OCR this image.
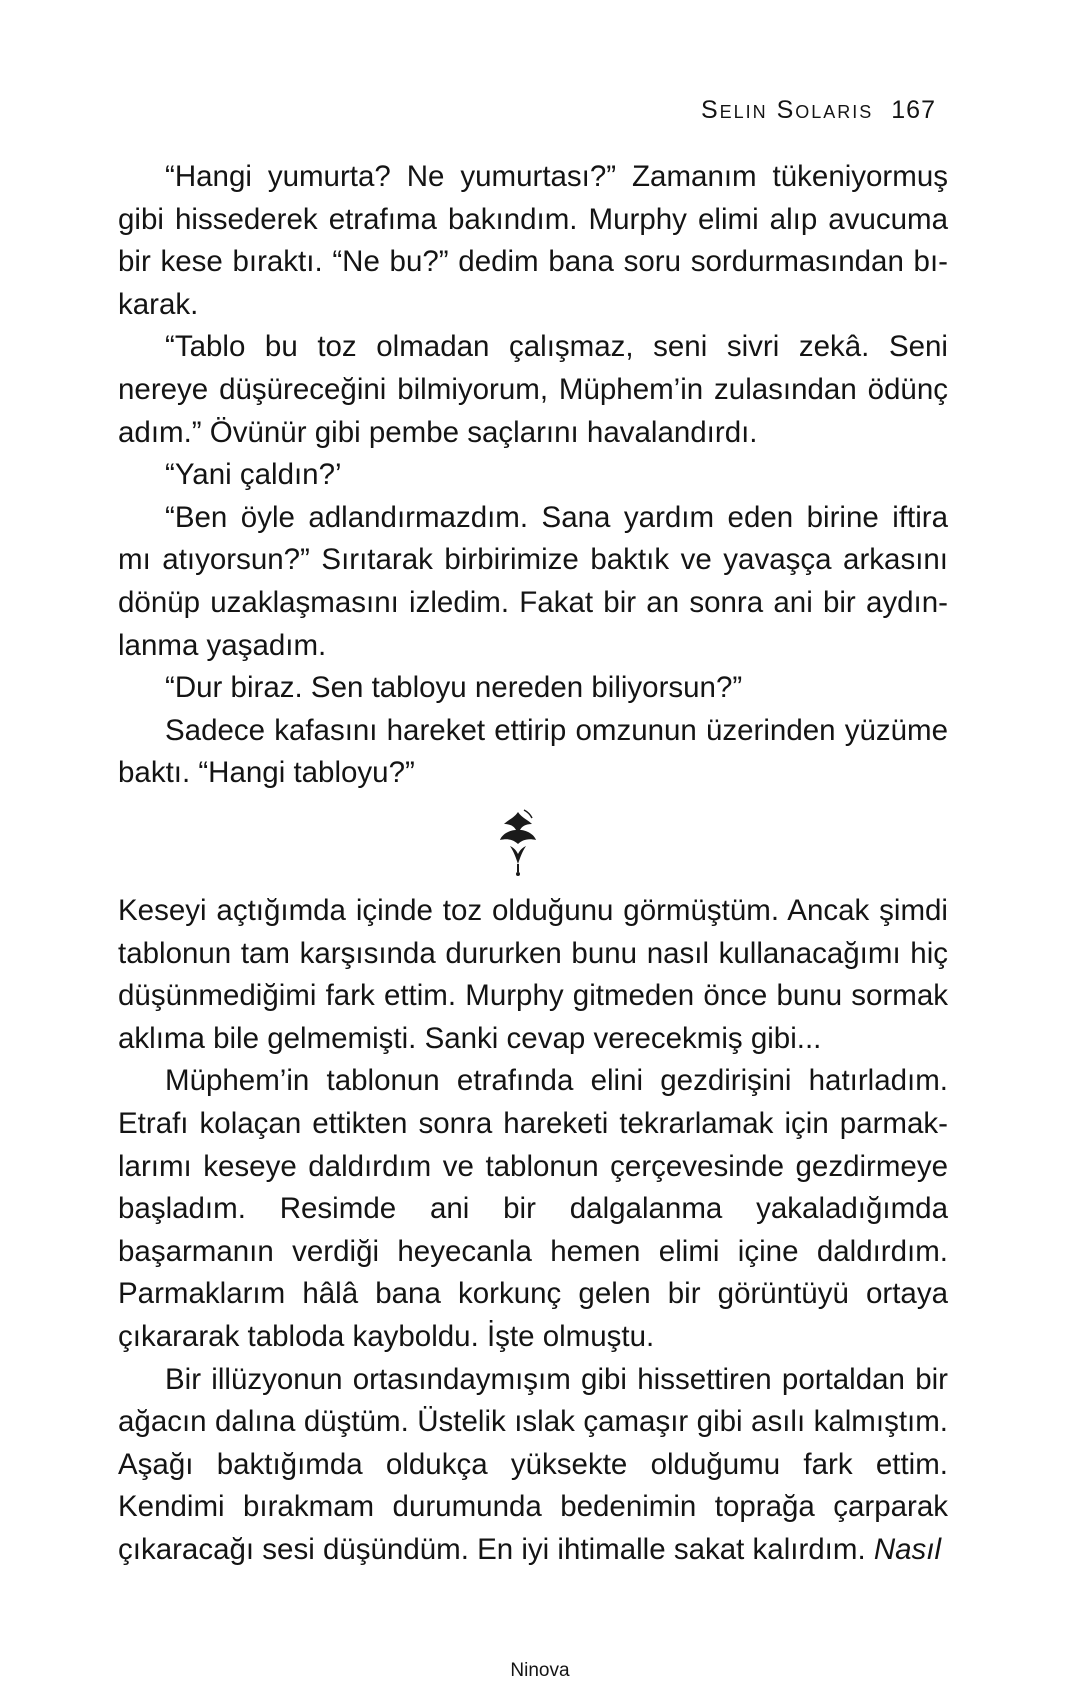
Selin Solaris 167

“Hangi yumurta? Ne yumurtası?” Zamanım tükeniyormuş gibi hissederek etrafıma bakındım. Murphy elimi alıp avucuma bir kese bıraktı. “Ne bu?” dedim bana soru sordurmasından bıkarak.

“Tablo bu toz olmadan çalışmaz, seni sivri zekâ. Seni nereye düşüreceğini bilmiyorum, Müphem’in zulasından ödünç adım.” Övünür gibi pembe saçlarını havalandırdı.

“Yani çaldın?’

“Ben öyle adlandırmazdım. Sana yardım eden birine iftira mı atıyorsun?” Sırıtarak birbirimize baktık ve yavaşça arkasını dönüp uzaklaşmasını izledim. Fakat bir an sonra ani bir aydınlanma yaşadım.

“Dur biraz. Sen tabloyu nereden biliyorsun?”

Sadece kafasını hareket ettirip omzunun üzerinden yüzüme baktı. “Hangi tabloyu?”

Keseyi açtığımda içinde toz olduğunu görmüştüm. Ancak şimdi tablonun tam karşısında dururken bunu nasıl kullanacağımı hiç düşünmediğimi fark ettim. Murphy gitmeden önce bunu sormak aklıma bile gelmemişti. Sanki cevap verecekmiş gibi...

Müphem’in tablonun etrafında elini gezdirişini hatırladım. Etrafı kolaçan ettikten sonra hareketi tekrarlamak için parmaklarımı keseye daldırdım ve tablonun çerçevesinde gezdirmeye başladım. Resimde ani bir dalgalanma yakaladığımda başarmanın verdiği heyecanla hemen elimi içine daldırdım. Parmaklarım hâlâ bana korkunç gelen bir görüntüyü ortaya çıkararak tabloda kayboldu. İşte olmuştu.

Bir illüzyonun ortasındaymışım gibi hissettiren portaldan bir ağacın dalına düştüm. Üstelik ıslak çamaşır gibi asılı kalmıştım. Aşağı baktığımda oldukça yüksekte olduğumu fark ettim. Kendimi bırakmam durumunda bedenimin toprağa çarparak çıkaracağı sesi düşündüm. En iyi ihtimalle sakat kalırdım. Nasıl

Ninova
